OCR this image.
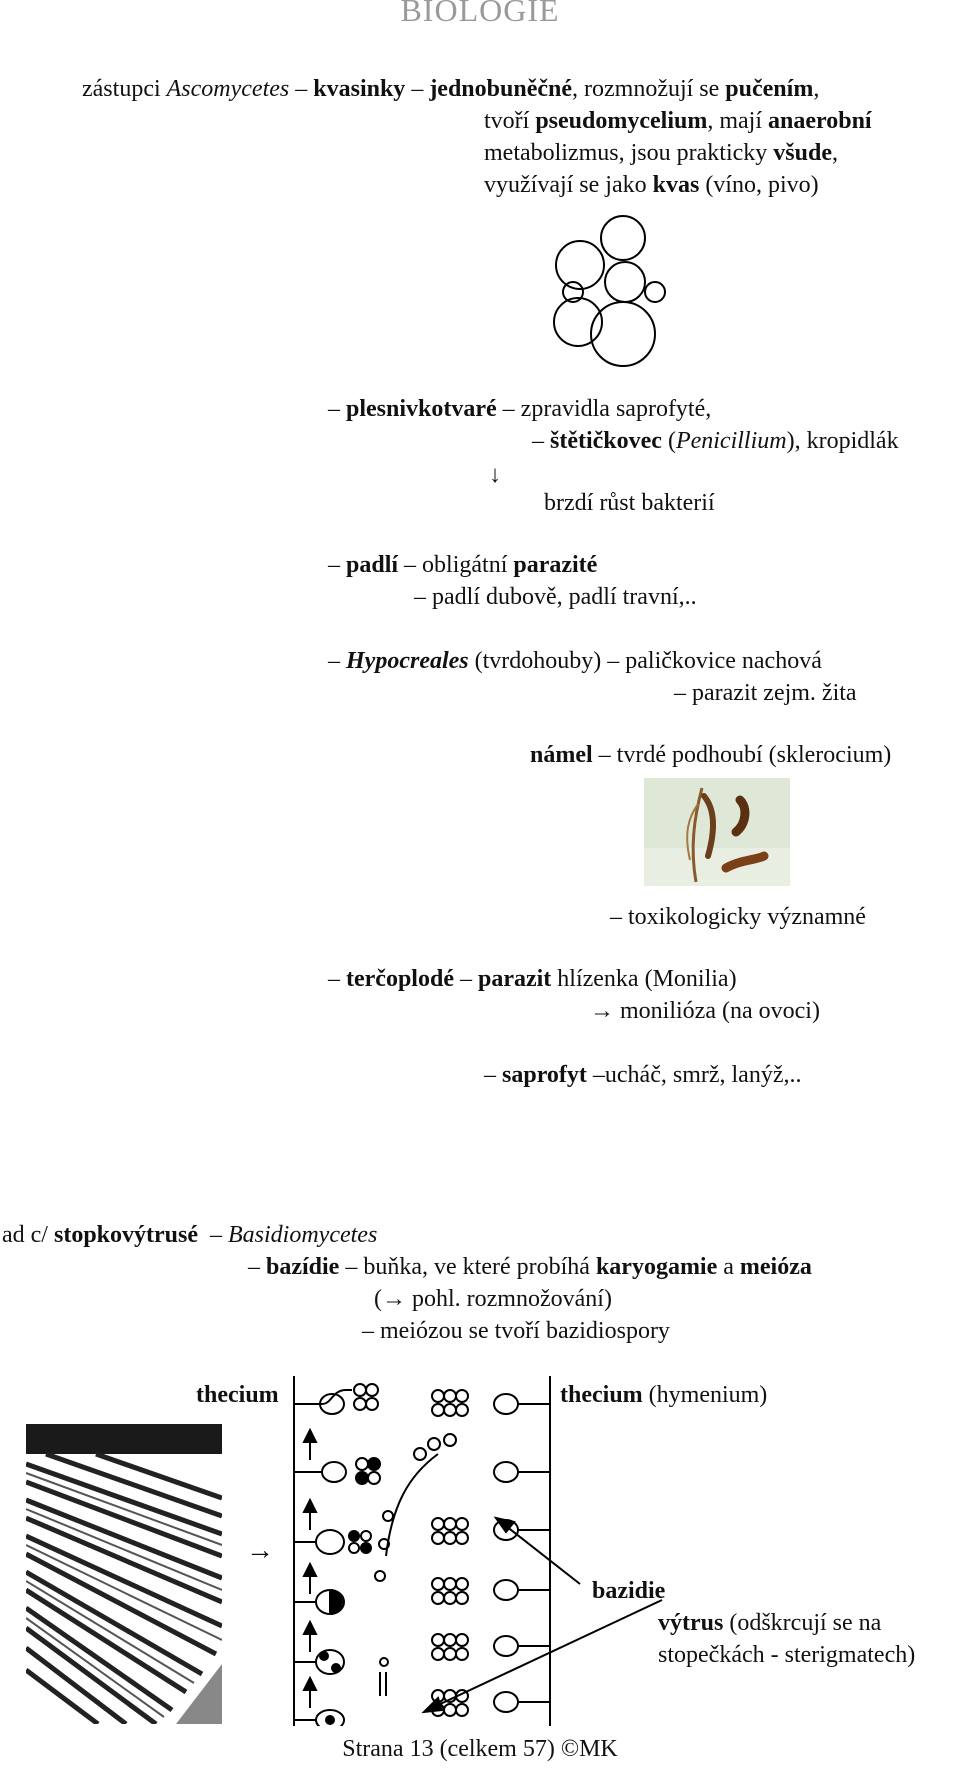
BIOLOGIE
zástupci Ascomycetes – kvasinky – jednobuněčné, rozmnožují se pučením,
tvoří pseudomycelium, mají anaerobní
metabolizmus, jsou prakticky všude,
využívají se jako kvas (víno, pivo)
– plesnivkotvaré – zpravidla saprofyté,
– štětičkovec (Penicillium), kropidlák
↓
brzdí růst bakterií
– padlí – obligátní parazité
– padlí dubově, padlí travní,..
– Hypocreales (tvrdohouby) – paličkovice nachová
– parazit zejm. žita
námel – tvrdé podhoubí (sklerocium)
– toxikologicky významné
– terčoplodé – parazit hlízenka (Monilia)
→ monilióza (na ovoci)
– saprofyt –ucháč, smrž, lanýž,..
ad c/ stopkovýtrusé  – Basidiomycetes
– bazídie – buňka, ve které probíhá karyogamie a meióza
(→ pohl. rozmnožování)
– meiózou se tvoří bazidiospory
thecium	thecium (hymenium)
→
bazidie
výtrus (odškrcují se na
stopečkách - sterigmatech)
Strana 13 (celkem 57) ©MK
